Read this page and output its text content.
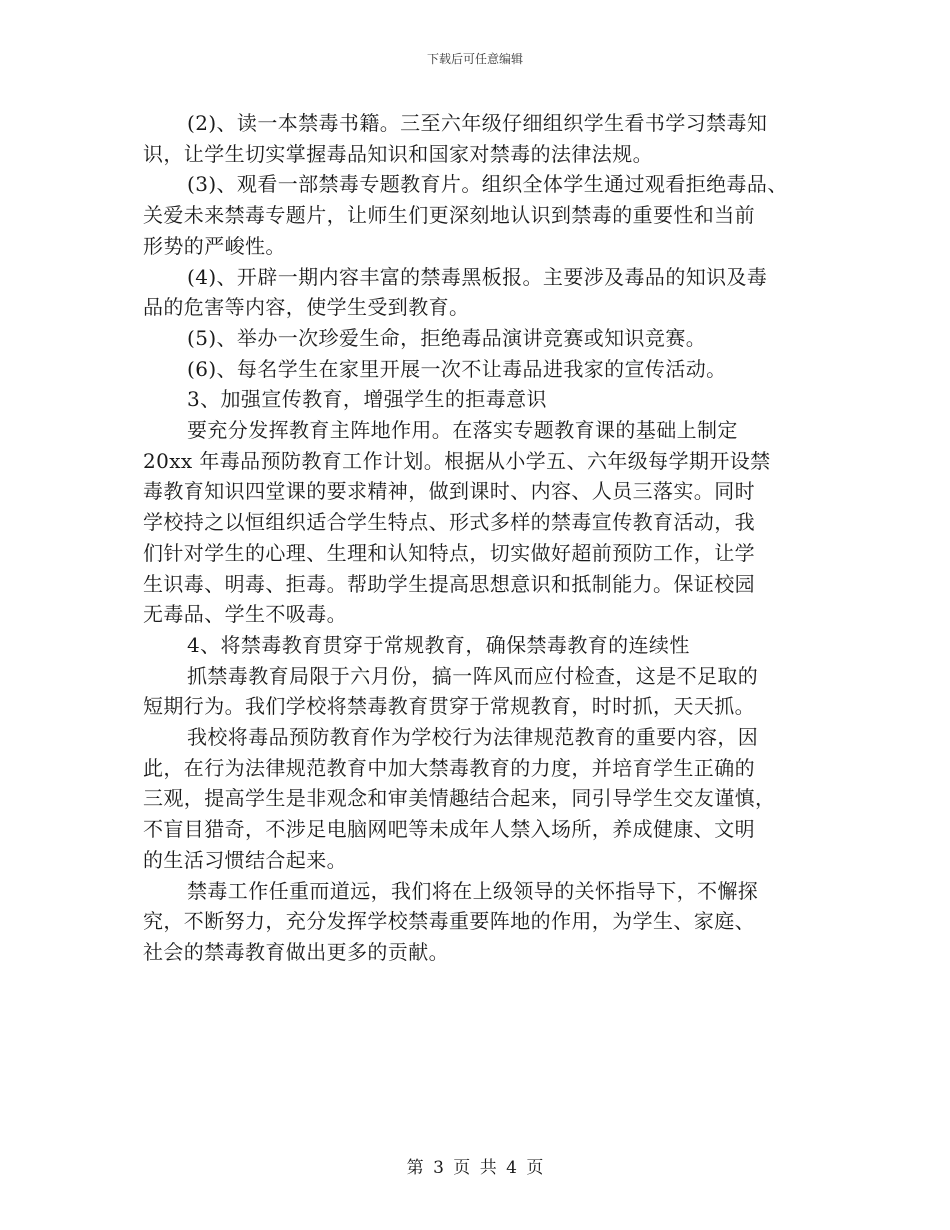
下载后可任意编辑
(2)、读一本禁毒书籍。三至六年级仔细组织学生看书学习禁毒知
识，让学生切实掌握毒品知识和国家对禁毒的法律法规。
(3)、观看一部禁毒专题教育片。组织全体学生通过观看拒绝毒品、
关爱未来禁毒专题片，让师生们更深刻地认识到禁毒的重要性和当前
形势的严峻性。
(4)、开辟一期内容丰富的禁毒黑板报。主要涉及毒品的知识及毒
品的危害等内容，使学生受到教育。
(5)、举办一次珍爱生命，拒绝毒品演讲竞赛或知识竞赛。
(6)、每名学生在家里开展一次不让毒品进我家的宣传活动。
3、加强宣传教育，增强学生的拒毒意识
要充分发挥教育主阵地作用。在落实专题教育课的基础上制定
20xx 年毒品预防教育工作计划。根据从小学五、六年级每学期开设禁
毒教育知识四堂课的要求精神，做到课时、内容、人员三落实。同时
学校持之以恒组织适合学生特点、形式多样的禁毒宣传教育活动，我
们针对学生的心理、生理和认知特点，切实做好超前预防工作，让学
生识毒、明毒、拒毒。帮助学生提高思想意识和抵制能力。保证校园
无毒品、学生不吸毒。
4、将禁毒教育贯穿于常规教育，确保禁毒教育的连续性
抓禁毒教育局限于六月份，搞一阵风而应付检查，这是不足取的
短期行为。我们学校将禁毒教育贯穿于常规教育，时时抓，天天抓。
我校将毒品预防教育作为学校行为法律规范教育的重要内容，因
此，在行为法律规范教育中加大禁毒教育的力度，并培育学生正确的
三观，提高学生是非观念和审美情趣结合起来，同引导学生交友谨慎，
不盲目猎奇，不涉足电脑网吧等未成年人禁入场所，养成健康、文明
的生活习惯结合起来。
禁毒工作任重而道远，我们将在上级领导的关怀指导下，不懈探
究，不断努力，充分发挥学校禁毒重要阵地的作用，为学生、家庭、
社会的禁毒教育做出更多的贡献。
第 3 页 共 4 页
